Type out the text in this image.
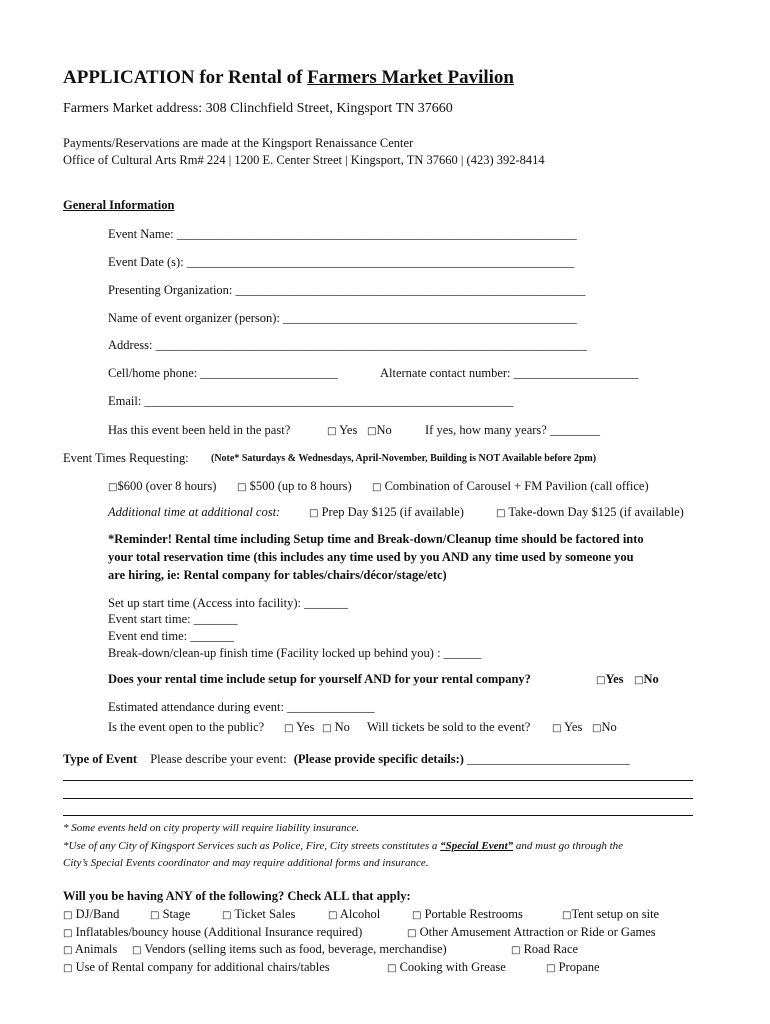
APPLICATION for Rental of Farmers Market Pavilion
Farmers Market address: 308 Clinchfield Street, Kingsport TN 37660
Payments/Reservations are made at the Kingsport Renaissance Center
Office of Cultural Arts Rm# 224 | 1200 E. Center Street | Kingsport, TN 37660 | (423) 392-8414
General Information
Event Name: ________________________________________________________________
Event Date (s): ______________________________________________________________
Presenting Organization: ________________________________________________________
Name of event organizer (person): _______________________________________________
Address: _____________________________________________________________________
Cell/home phone: ______________________	Alternate contact number: ____________________
Email: ___________________________________________________________
Has this event been held in the past?	□ Yes □No	If yes, how many years? ________
Event Times Requesting: (Note* Saturdays & Wednesdays, April-November, Building is NOT Available before 2pm)
□$600 (over 8 hours) □ $500 (up to 8 hours) □ Combination of Carousel + FM Pavilion (call office)
Additional time at additional cost:	□ Prep Day $125 (if available)	□ Take-down Day $125 (if available)
*Reminder! Rental time including Setup time and Break-down/Cleanup time should be factored into
your total reservation time (this includes any time used by you AND any time used by someone you
are hiring, ie: Rental company for tables/chairs/décor/stage/etc)
Set up start time (Access into facility): _______
Event start time: _______
Event end time: _______
Break-down/clean-up finish time (Facility locked up behind you) : ______
Does your rental time include setup for yourself AND for your rental company?	□Yes □No
Estimated attendance during event: ______________
Is the event open to the public? □ Yes □ No Will tickets be sold to the event? □ Yes □No
Type of Event Please describe your event: (Please provide specific details:) __________________________
* Some events held on city property will require liability insurance.
*Use of any City of Kingsport Services such as Police, Fire, City streets constitutes a “Special Event” and must go through the
City’s Special Events coordinator and may require additional forms and insurance.
Will you be having ANY of the following? Check ALL that apply:
□ DJ/Band	□ Stage	□ Ticket Sales	□ Alcohol	□ Portable Restrooms	□Tent setup on site
□ Inflatables/bouncy house (Additional Insurance required)	□ Other Amusement Attraction or Ride or Games
□ Animals □ Vendors (selling items such as food, beverage, merchandise)	□ Road Race
□ Use of Rental company for additional chairs/tables	□ Cooking with Grease	□ Propane
